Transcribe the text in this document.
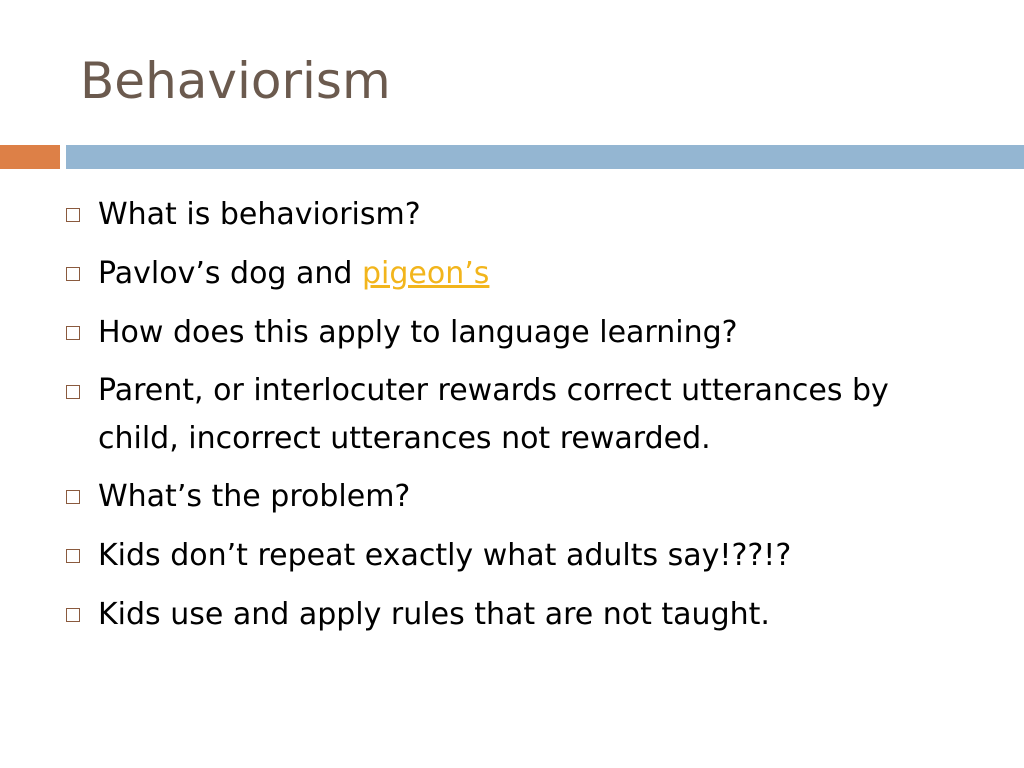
Behaviorism
What is behaviorism?
Pavlov’s dog and pigeon’s
How does this apply to language learning?
Parent, or interlocuter rewards correct utterances by child, incorrect utterances not rewarded.
What’s the problem?
Kids don’t repeat exactly what adults say!??!?
Kids use and apply rules that are not taught.
